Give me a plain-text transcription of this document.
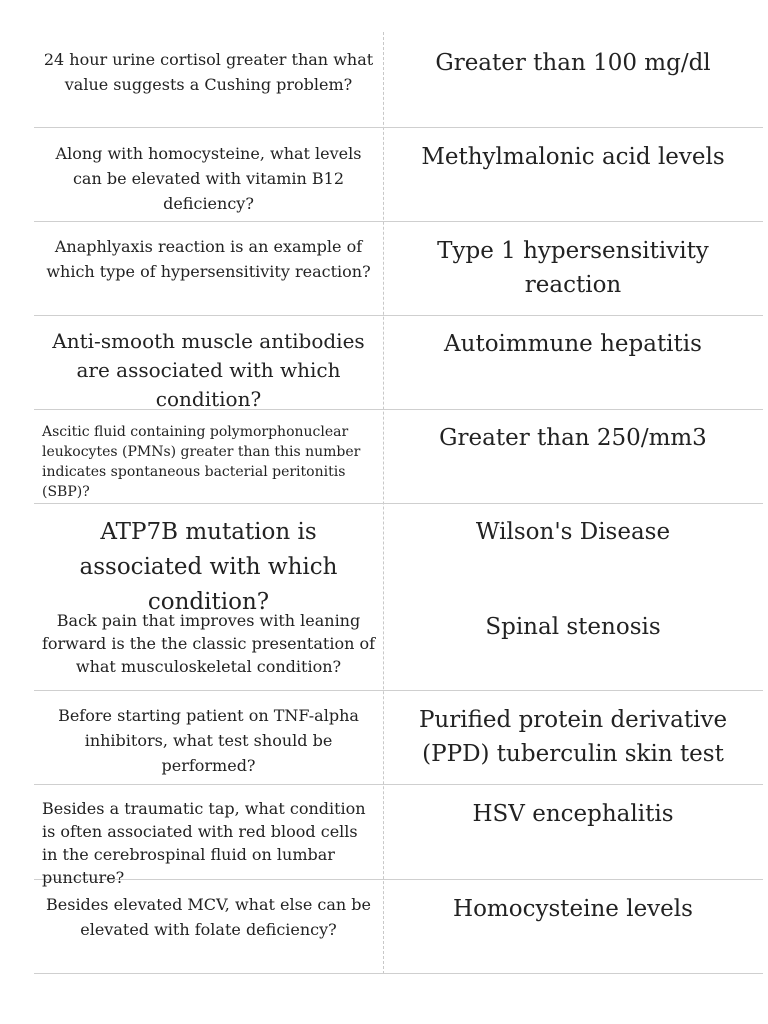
24 hour urine cortisol greater than what value suggests a Cushing problem?
Greater than 100 mg/dl
Along with homocysteine, what levels can be elevated with vitamin B12 deficiency?
Methylmalonic acid levels
Anaphlyaxis reaction is an example of which type of hypersensitivity reaction?
Type 1 hypersensitivity reaction
Anti-smooth muscle antibodies are associated with which condition?
Autoimmune hepatitis
Ascitic fluid containing polymorphonuclear leukocytes (PMNs) greater than this number indicates spontaneous bacterial peritonitis (SBP)?
Greater than 250/mm3
ATP7B mutation is associated with which condition?
Wilson's Disease
Back pain that improves with leaning forward is the the classic presentation of what musculoskeletal condition?
Spinal stenosis
Before starting patient on TNF-alpha inhibitors, what test should be performed?
Purified protein derivative (PPD) tuberculin skin test
Besides a traumatic tap, what condition is often associated with red blood cells in the cerebrospinal fluid on lumbar puncture?
HSV encephalitis
Besides elevated MCV, what else can be elevated with folate deficiency?
Homocysteine levels
